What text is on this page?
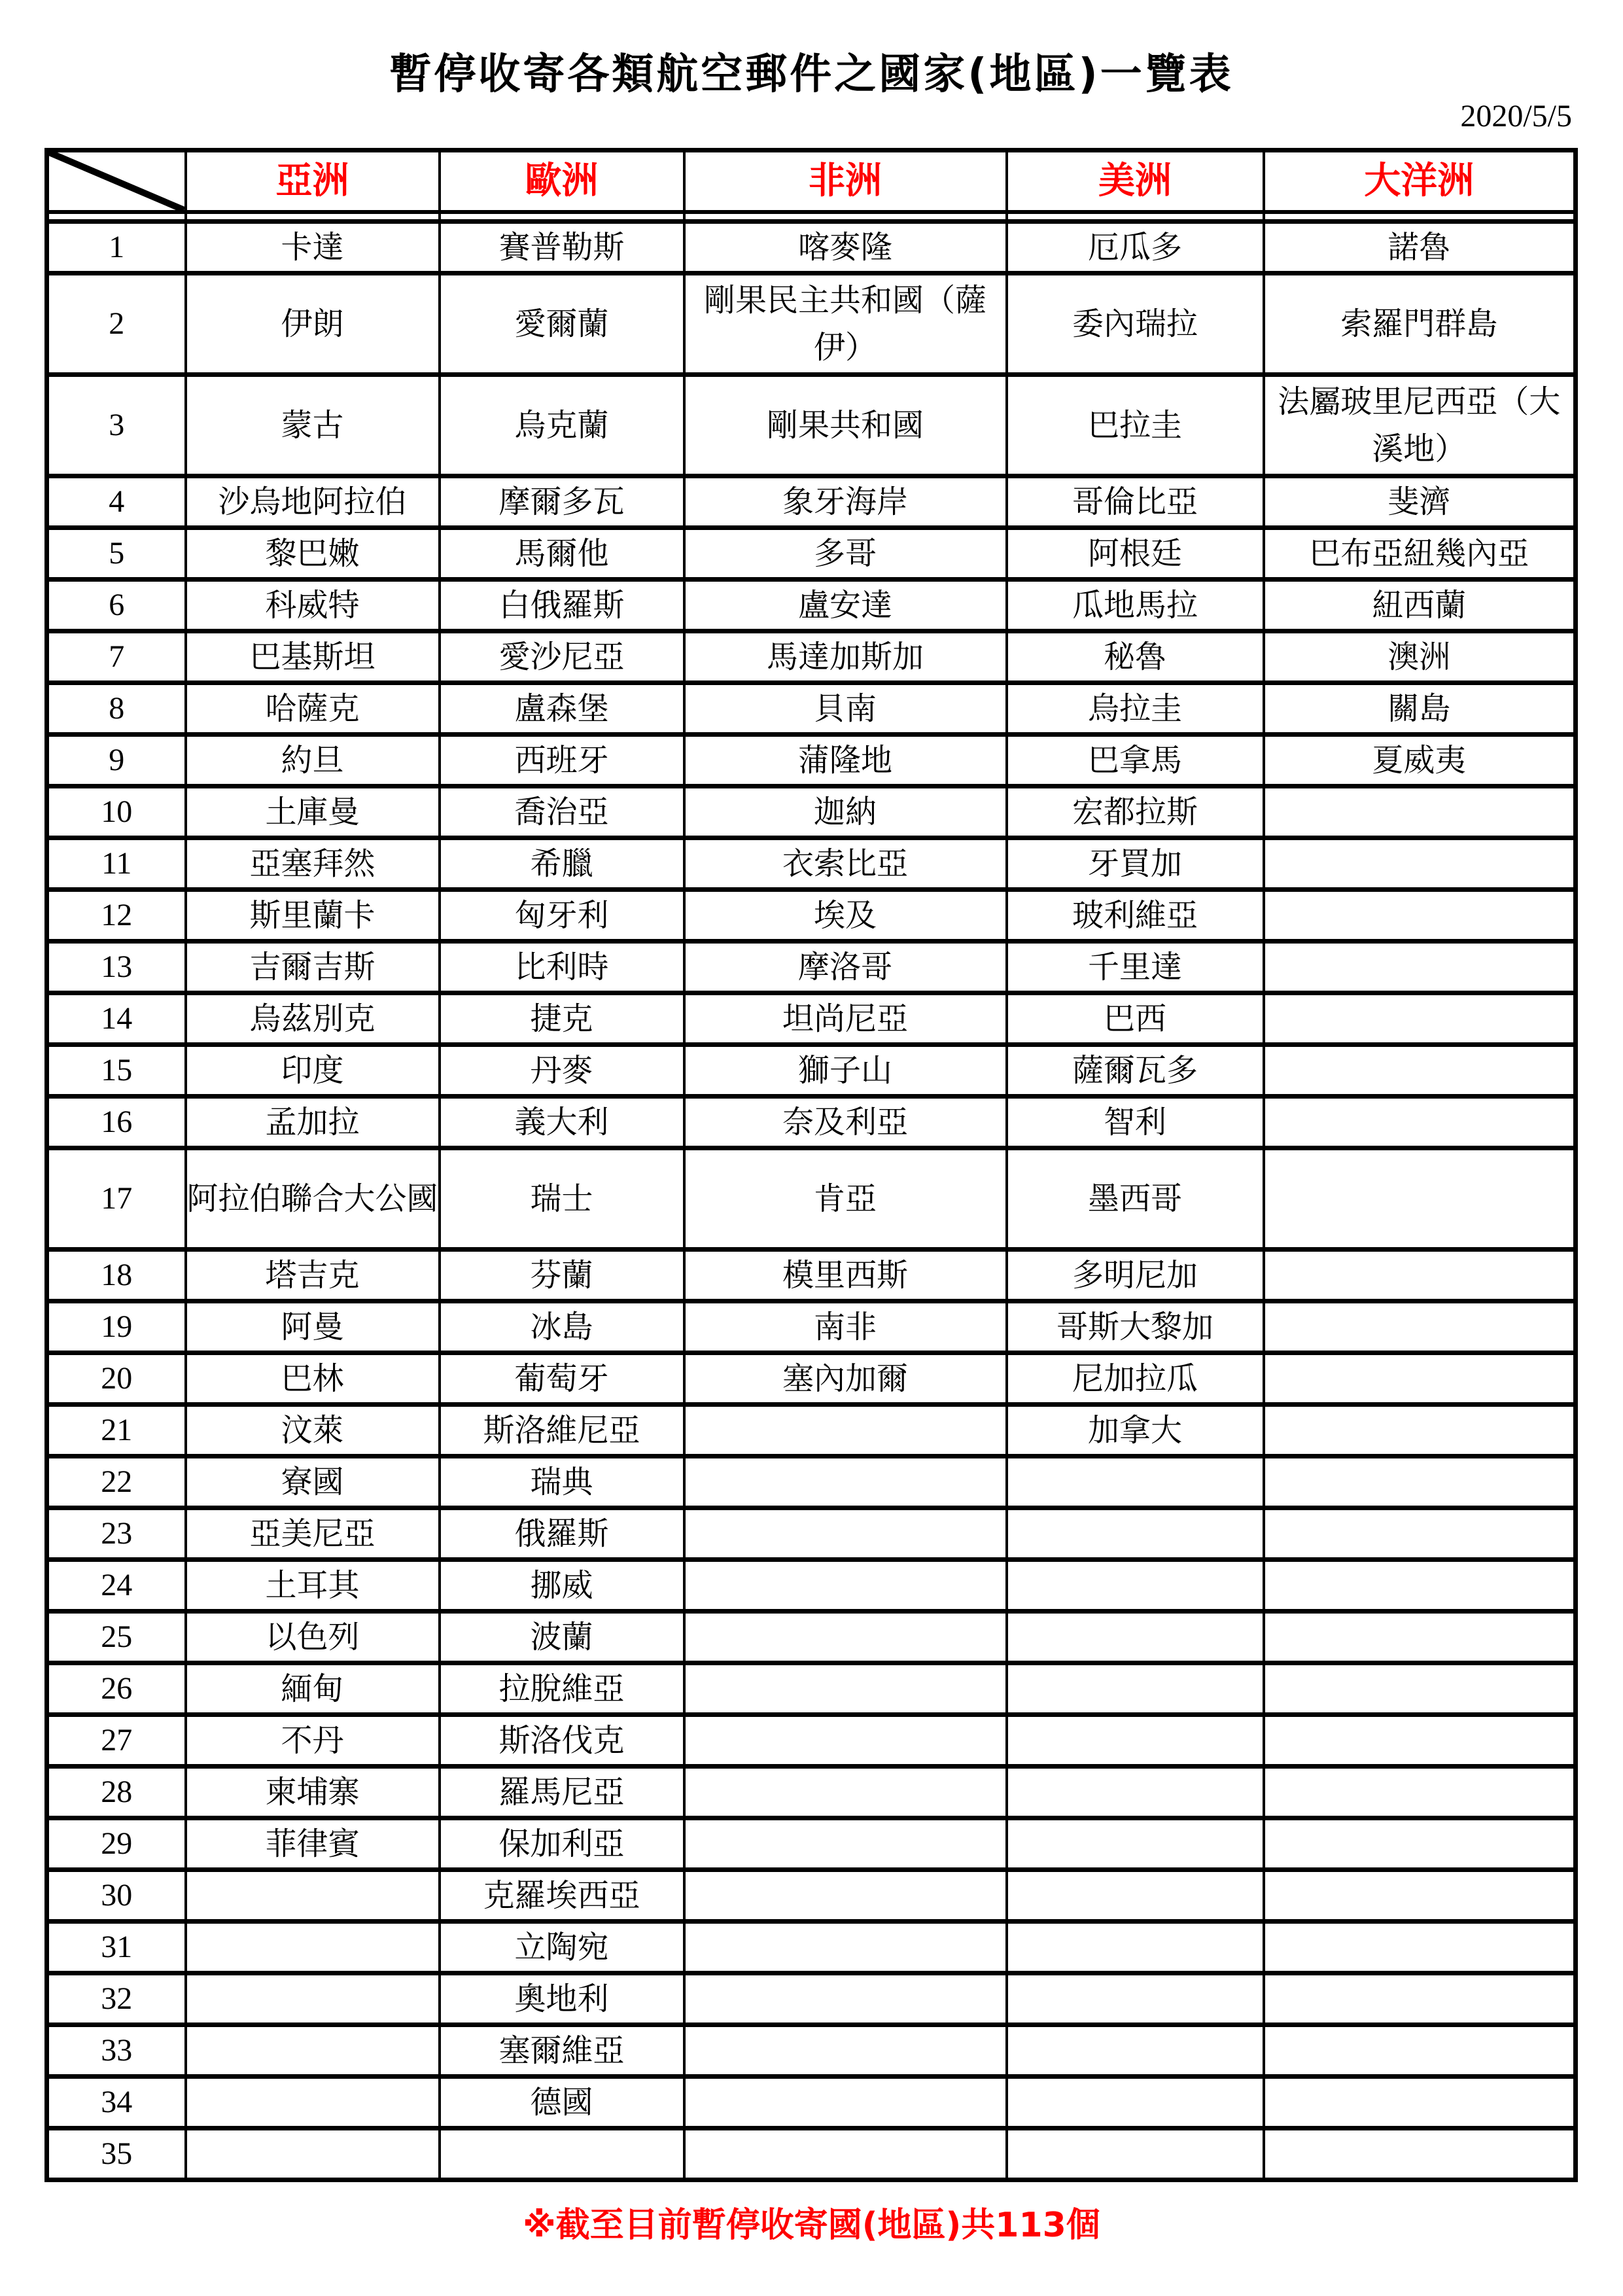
暫停收寄各類航空郵件之國家(地區)一覽表
2020/5/5
	亞洲	歐洲	非洲	美洲	大洋洲

1	卡達	賽普勒斯	喀麥隆	厄瓜多	諾魯
2	伊朗	愛爾蘭	剛果民主共和國（薩伊）	委內瑞拉	索羅門群島
3	蒙古	烏克蘭	剛果共和國	巴拉圭	法屬玻里尼西亞（大溪地）
4	沙烏地阿拉伯	摩爾多瓦	象牙海岸	哥倫比亞	斐濟
5	黎巴嫩	馬爾他	多哥	阿根廷	巴布亞紐幾內亞
6	科威特	白俄羅斯	盧安達	瓜地馬拉	紐西蘭
7	巴基斯坦	愛沙尼亞	馬達加斯加	秘魯	澳洲
8	哈薩克	盧森堡	貝南	烏拉圭	關島
9	約旦	西班牙	蒲隆地	巴拿馬	夏威夷
10	土庫曼	喬治亞	迦納	宏都拉斯	
11	亞塞拜然	希臘	衣索比亞	牙買加	
12	斯里蘭卡	匈牙利	埃及	玻利維亞	
13	吉爾吉斯	比利時	摩洛哥	千里達	
14	烏茲別克	捷克	坦尚尼亞	巴西	
15	印度	丹麥	獅子山	薩爾瓦多	
16	孟加拉	義大利	奈及利亞	智利	
17	阿拉伯聯合大公國	瑞士	肯亞	墨西哥	
18	塔吉克	芬蘭	模里西斯	多明尼加	
19	阿曼	冰島	南非	哥斯大黎加	
20	巴林	葡萄牙	塞內加爾	尼加拉瓜	
21	汶萊	斯洛維尼亞		加拿大	
22	寮國	瑞典			
23	亞美尼亞	俄羅斯			
24	土耳其	挪威			
25	以色列	波蘭			
26	緬甸	拉脫維亞			
27	不丹	斯洛伐克			
28	柬埔寨	羅馬尼亞			
29	菲律賓	保加利亞			
30		克羅埃西亞			
31		立陶宛			
32		奧地利			
33		塞爾維亞			
34		德國			
35					
※截至目前暫停收寄國(地區)共113個
